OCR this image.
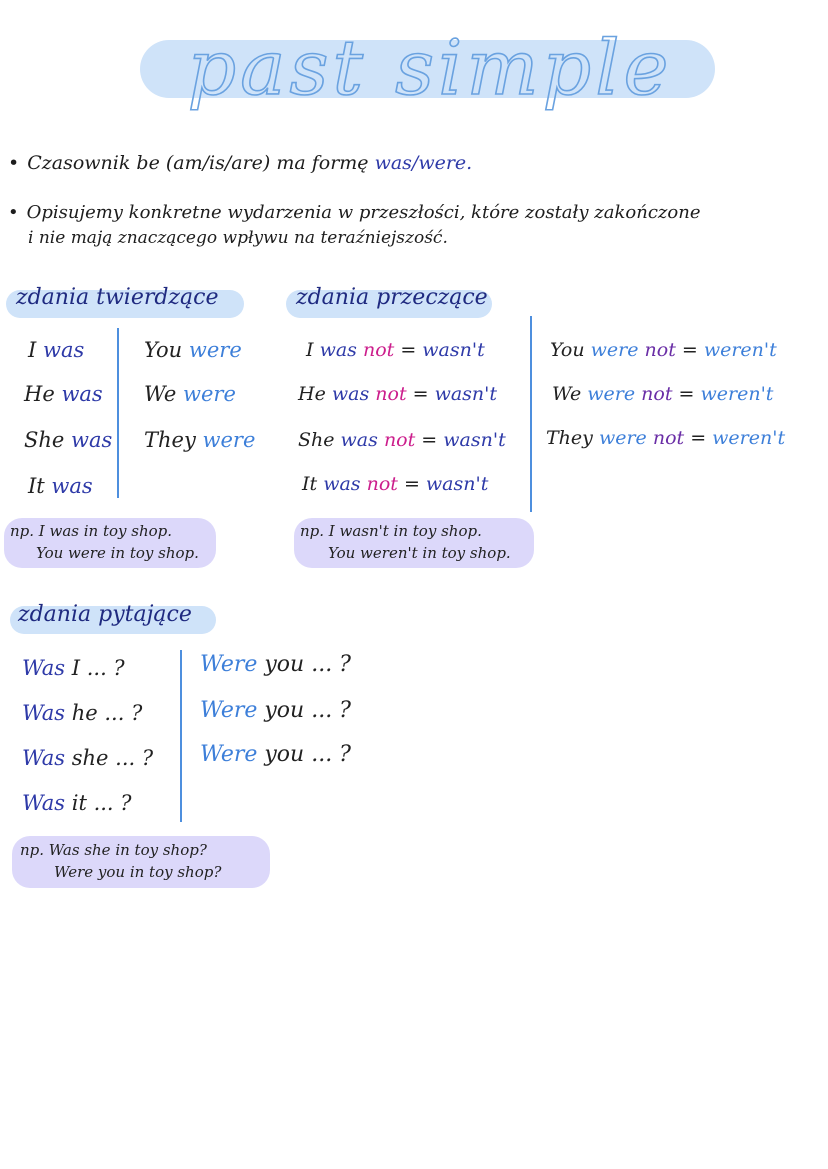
past simple
• Czasownik be (am/is/are) ma formę was/were.
• Opisujemy konkretne wydarzenia w przeszłości, które zostały zakończone
i nie mają znaczącego wpływu na teraźniejszość.
zdania twierdzące
I was
He was
She was
It was
You were
We were
They were
np. I was in toy shop.
You were in toy shop.
zdania przeczące
I was not = wasn't
He was not = wasn't
She was not = wasn't
It was not = wasn't
You were not = weren't
We were not = weren't
They were not = weren't
np. I wasn't in toy shop.
You weren't in toy shop.
zdania pytające
Was I ... ?
Was he ... ?
Was she ... ?
Was it ... ?
Were you ... ?
Were you ... ?
Were you ... ?
np. Was she in toy shop?
Were you in toy shop?
